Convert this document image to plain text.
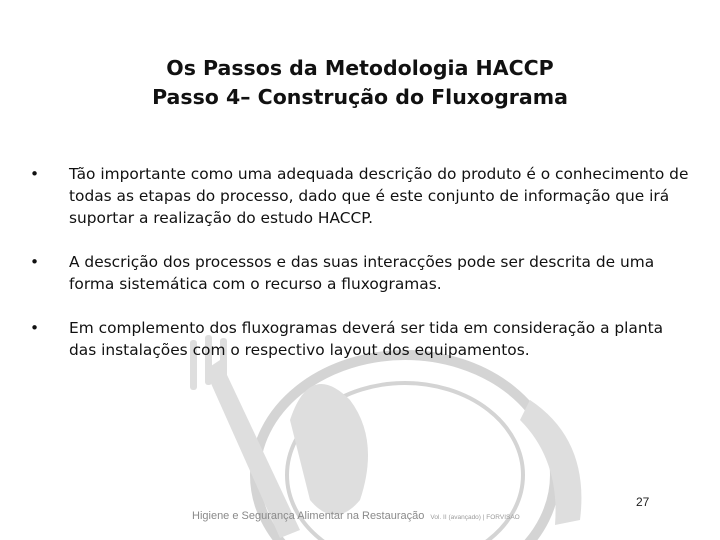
Os Passos da Metodologia HACCP
Passo 4– Construção do Fluxograma
• Tão importante como uma adequada descrição do produto é o conhecimento de todas as etapas do processo, dado que é este conjunto de informação que irá suportar a realização do estudo HACCP.
• A descrição dos processos e das suas interacções pode ser descrita de uma forma sistemática com o recurso a fluxogramas.
• Em complemento dos fluxogramas deverá ser tida em consideração a planta das instalações com o respectivo layout dos equipamentos.
27
Higiene e Segurança Alimentar na Restauração Vol. II (avançado) | FORVISAO
